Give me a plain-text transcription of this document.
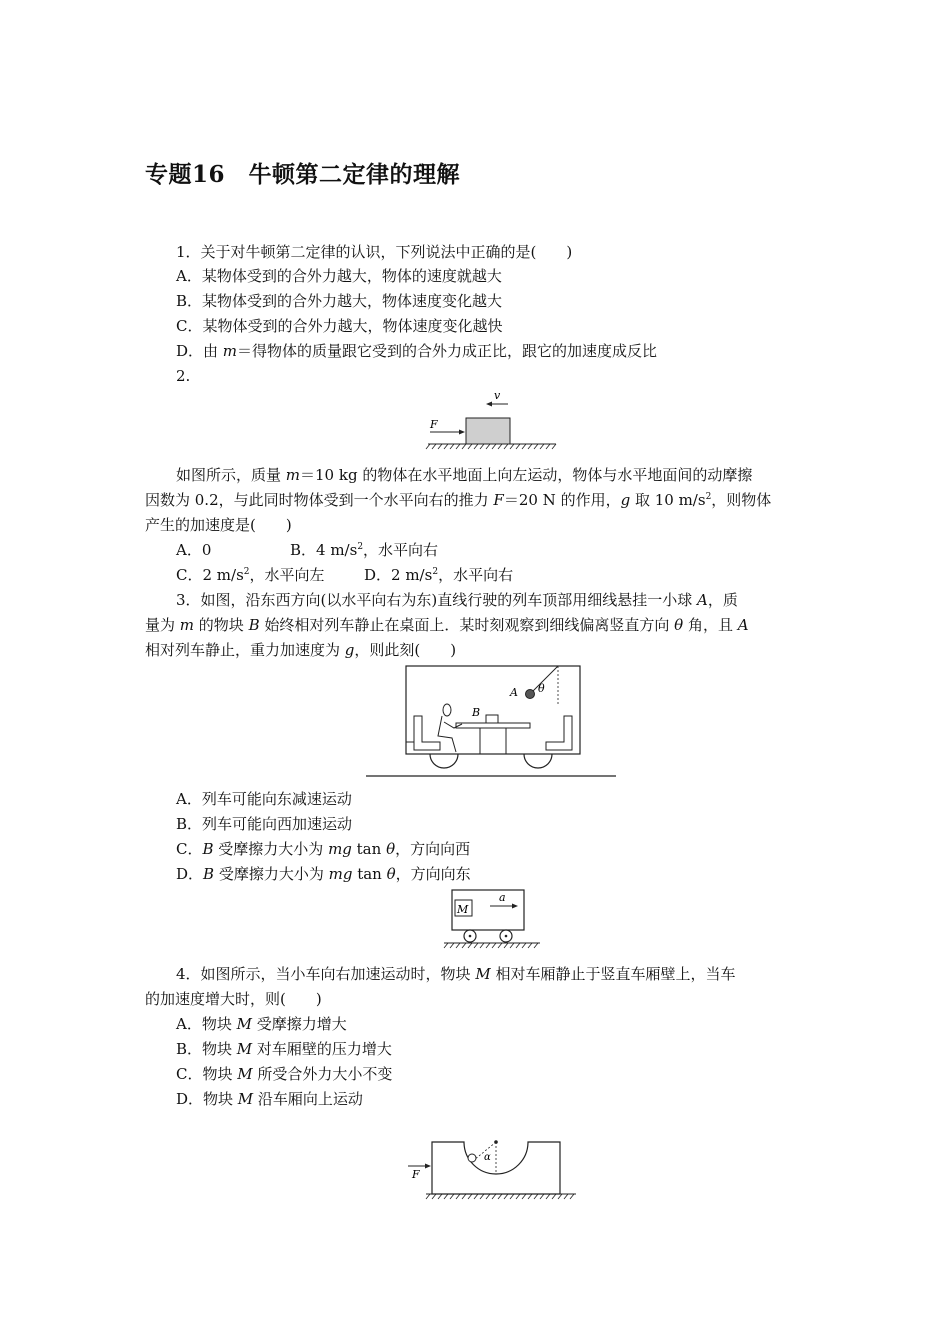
专题16　牛顿第二定律的理解
1．关于对牛顿第二定律的认识，下列说法中正确的是(　　)
A．某物体受到的合外力越大，物体的速度就越大
B．某物体受到的合外力越大，物体速度变化越大
C．某物体受到的合外力越大，物体速度变化越快
D．由 m＝得物体的质量跟它受到的合外力成正比，跟它的加速度成反比
2.
v
F
如图所示，质量 m＝10 kg 的物体在水平地面上向左运动，物体与水平地面间的动摩擦
因数为 0.2，与此同时物体受到一个水平向右的推力 F＝20 N 的作用，g 取 10 $m/s^2$，则物体
产生的加速度是(　　)
A．0	B．4 $m/s^2$，水平向右
C．2 $m/s^2$，水平向左	D．2 $m/s^2$，水平向右
3．如图，沿东西方向(以水平向右为东)直线行驶的列车顶部用细线悬挂一小球 A，质
量为 m 的物块 B 始终相对列车静止在桌面上．某时刻观察到细线偏离竖直方向 θ 角，且 A
相对列车静止，重力加速度为 g，则此刻(　　)
A θ
B
A．列车可能向东减速运动
B．列车可能向西加速运动
C．B 受摩擦力大小为 mg tan θ，方向向西
D．B 受摩擦力大小为 mg tan θ，方向向东
M
a
4．如图所示，当小车向右加速运动时，物块 M 相对车厢静止于竖直车厢壁上，当车
的加速度增大时，则(　　)
A．物块 M 受摩擦力增大
B．物块 M 对车厢壁的压力增大
C．物块 M 所受合外力大小不变
D．物块 M 沿车厢向上运动
F
α
